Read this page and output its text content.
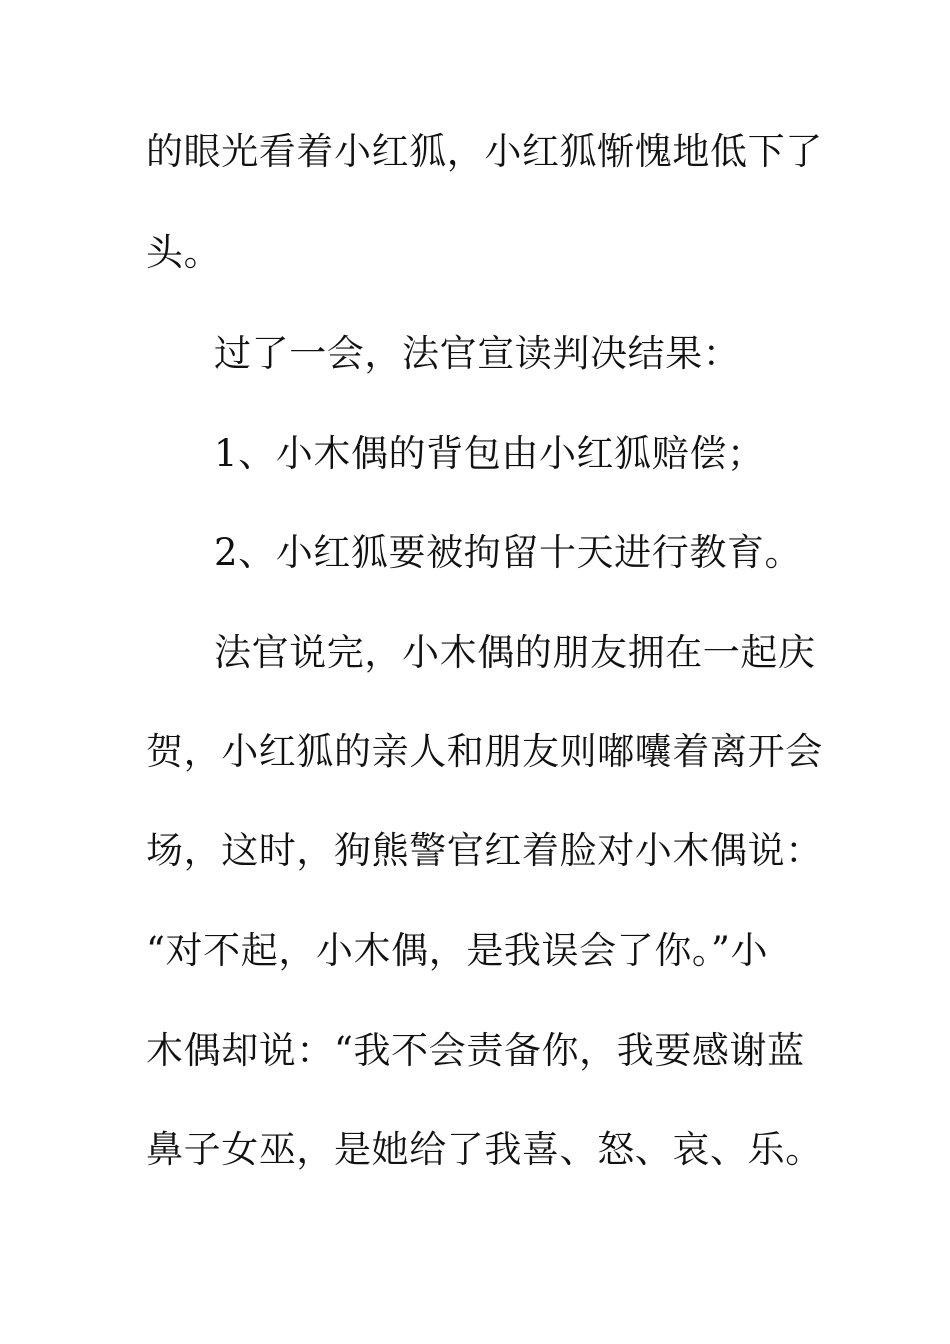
的眼光看着小红狐，小红狐惭愧地低下了
头。
过了一会，法官宣读判决结果：
1、小木偶的背包由小红狐赔偿；
2、小红狐要被拘留十天进行教育。
法官说完，小木偶的朋友拥在一起庆
贺，小红狐的亲人和朋友则嘟囔着离开会
场，这时，狗熊警官红着脸对小木偶说：
“对不起，小木偶，是我误会了你。”小
木偶却说：“我不会责备你，我要感谢蓝
鼻子女巫，是她给了我喜、怒、哀、乐。
